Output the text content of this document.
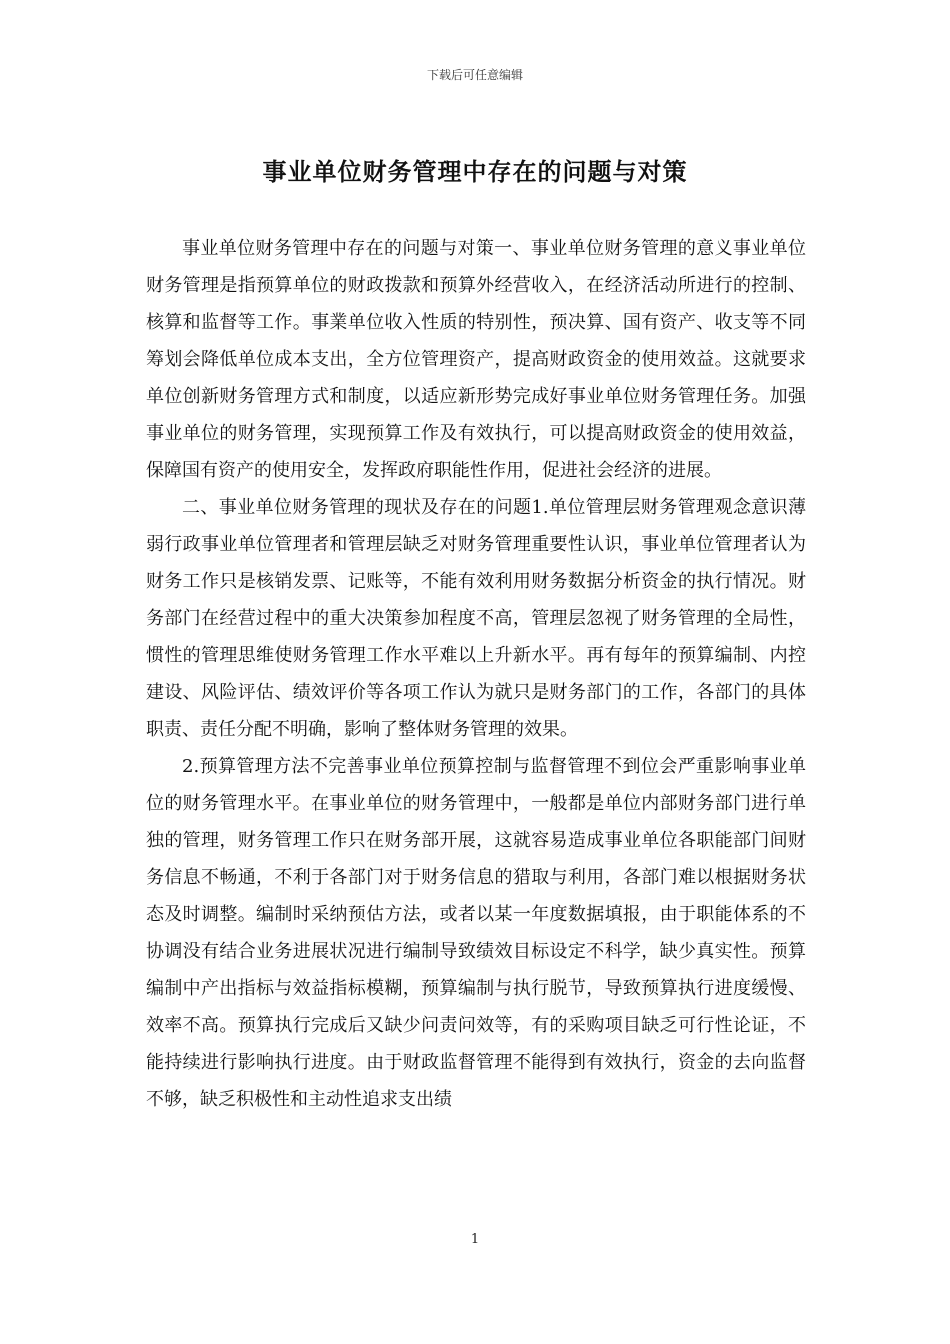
下载后可任意编辑
事业单位财务管理中存在的问题与对策

事业单位财务管理中存在的问题与对策一、事业单位财务管理的意义事业单位财务管理是指预算单位的财政拨款和预算外经营收入，在经济活动所进行的控制、核算和监督等工作。事業单位收入性质的特别性，预决算、国有资产、收支等不同筹划会降低单位成本支出，全方位管理资产，提高财政资金的使用效益。这就要求单位创新财务管理方式和制度，以适应新形势完成好事业单位财务管理任务。加强事业单位的财务管理，实现预算工作及有效执行，可以提高财政资金的使用效益，保障国有资产的使用安全，发挥政府职能性作用，促进社会经济的进展。

二、事业单位财务管理的现状及存在的问题1.单位管理层财务管理观念意识薄弱行政事业单位管理者和管理层缺乏对财务管理重要性认识，事业单位管理者认为财务工作只是核销发票、记账等，不能有效利用财务数据分析资金的执行情况。财务部门在经营过程中的重大决策参加程度不高，管理层忽视了财务管理的全局性，惯性的管理思维使财务管理工作水平难以上升新水平。再有每年的预算编制、内控建设、风险评估、绩效评价等各项工作认为就只是财务部门的工作，各部门的具体职责、责任分配不明确，影响了整体财务管理的效果。

2.预算管理方法不完善事业单位预算控制与监督管理不到位会严重影响事业单位的财务管理水平。在事业单位的财务管理中，一般都是单位内部财务部门进行单独的管理，财务管理工作只在财务部开展，这就容易造成事业单位各职能部门间财务信息不畅通，不利于各部门对于财务信息的猎取与利用，各部门难以根据财务状态及时调整。编制时采纳预估方法，或者以某一年度数据填报，由于职能体系的不协调没有结合业务进展状况进行编制导致绩效目标设定不科学，缺少真实性。预算编制中产出指标与效益指标模糊，预算编制与执行脱节，导致预算执行进度缓慢、效率不高。预算执行完成后又缺少问责问效等，有的采购项目缺乏可行性论证，不能持续进行影响执行进度。由于财政监督管理不能得到有效执行，资金的去向监督不够，缺乏积极性和主动性追求支出绩

1
